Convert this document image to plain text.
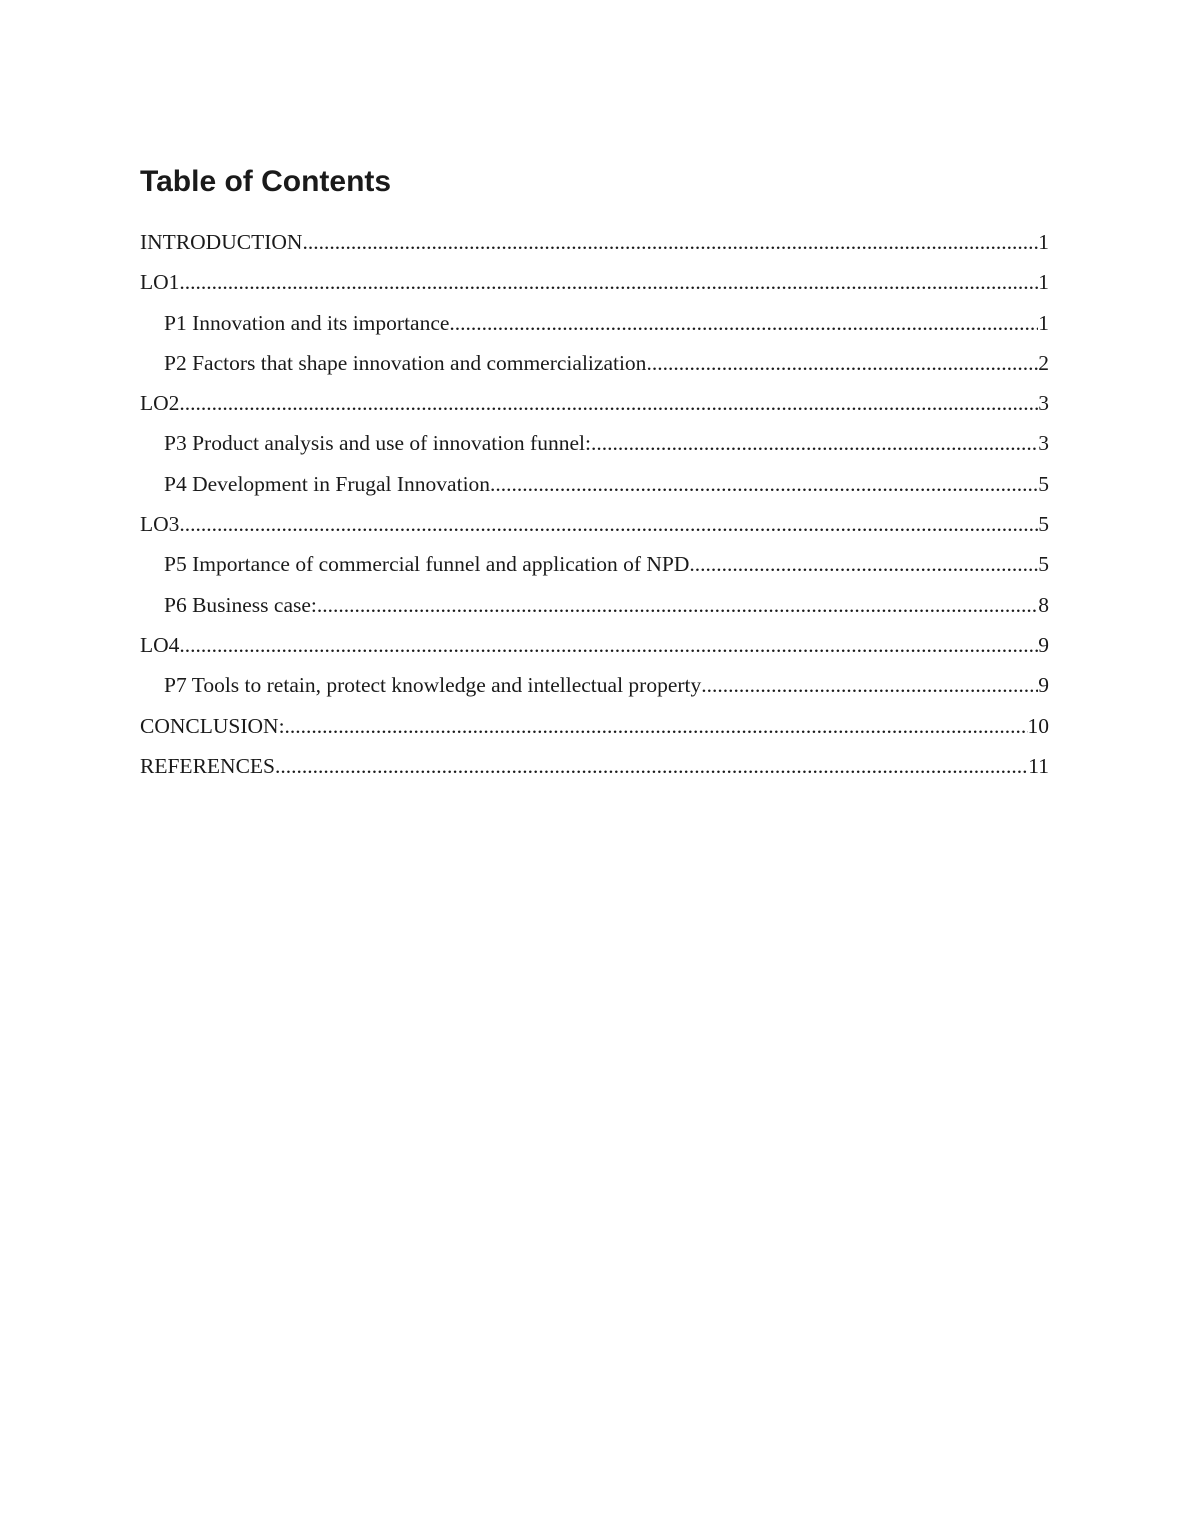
Table of Contents
INTRODUCTION .....	1
LO1 .....	1
P1 Innovation and its importance .....	1
P2 Factors that shape innovation and commercialization .....	2
LO2 .....	3
P3 Product analysis and use of innovation funnel: .....	3
P4 Development in Frugal Innovation .....	5
LO3 .....	5
P5 Importance of commercial funnel and application of NPD .....	5
P6 Business case: .....	8
LO4 .....	9
P7 Tools to retain, protect knowledge and intellectual property .....	9
CONCLUSION: .....	10
REFERENCES .....	11
